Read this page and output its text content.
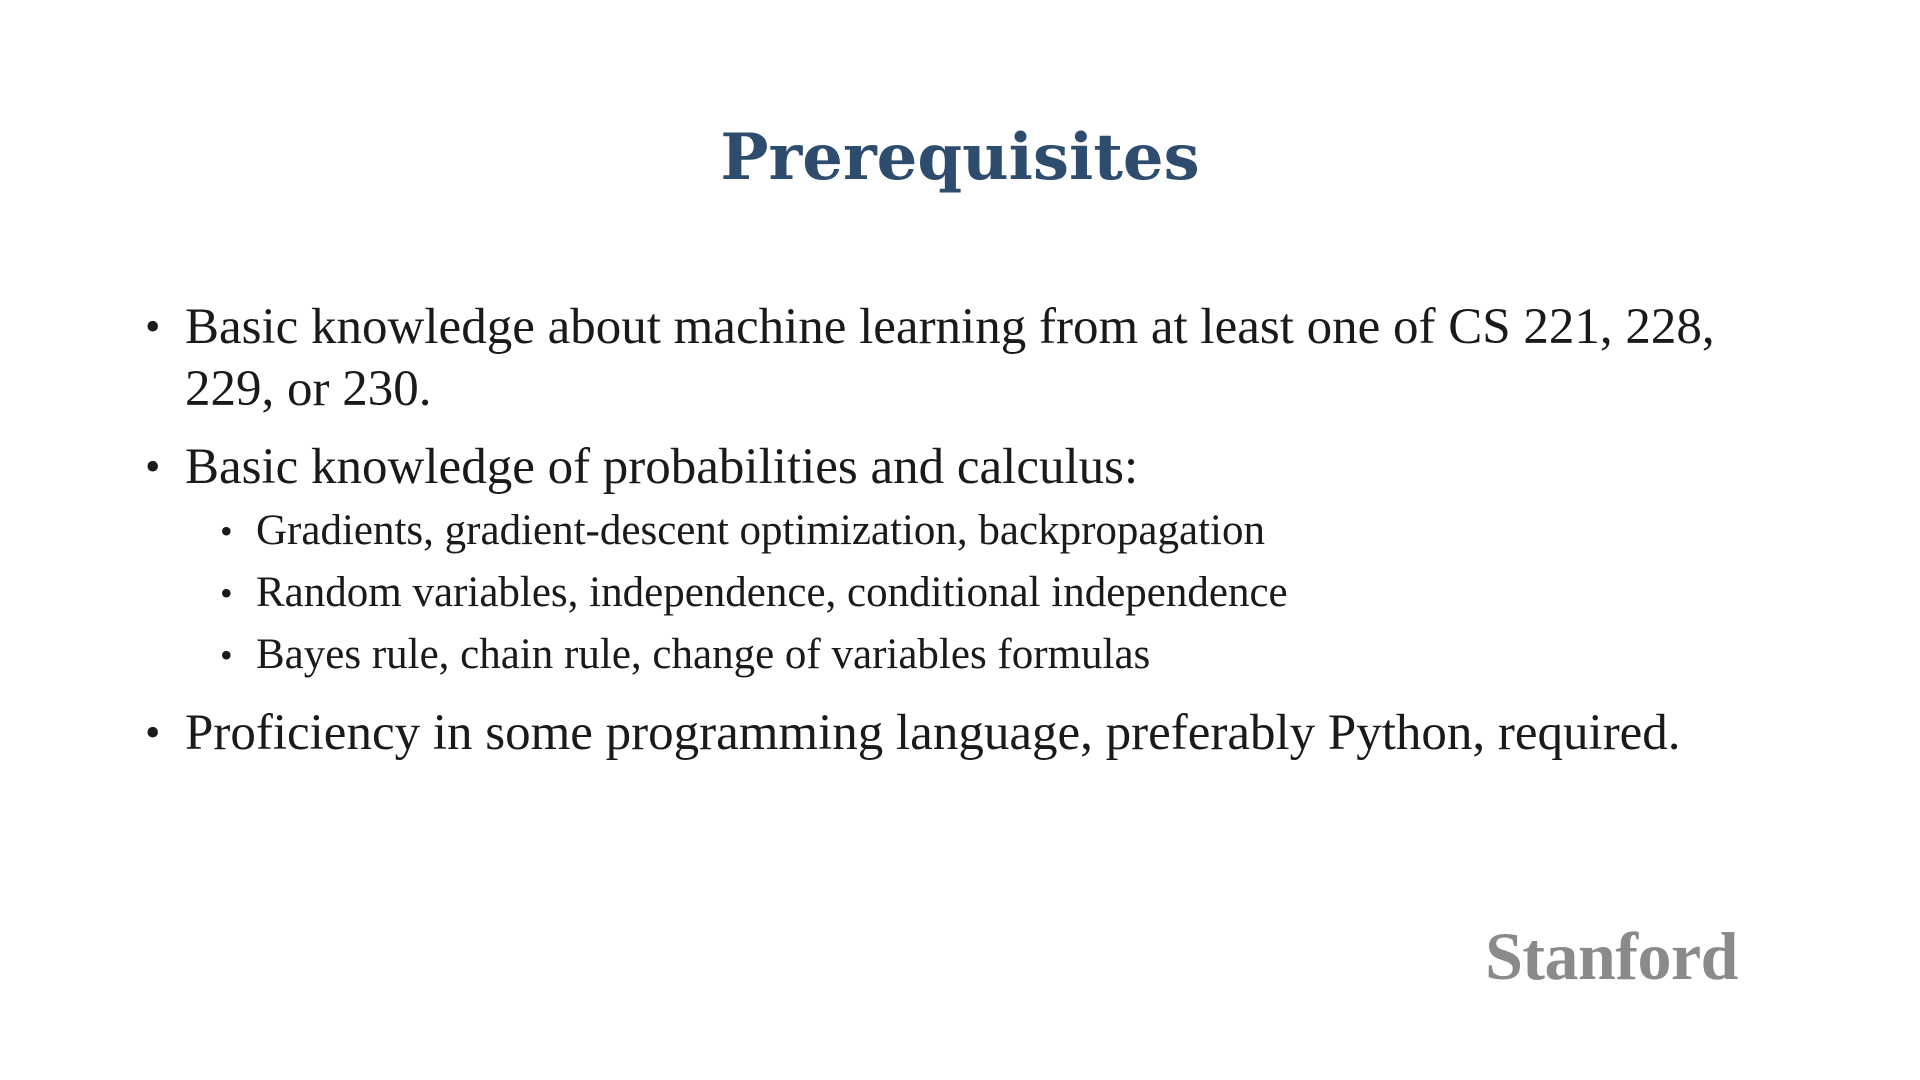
Prerequisites
• Basic knowledge about machine learning from at least one of CS 221, 228, 229, or 230.
• Basic knowledge of probabilities and calculus:
• Gradients, gradient-descent optimization, backpropagation
• Random variables, independence, conditional independence
• Bayes rule, chain rule, change of variables formulas
• Proficiency in some programming language, preferably Python, required.
Stanford
